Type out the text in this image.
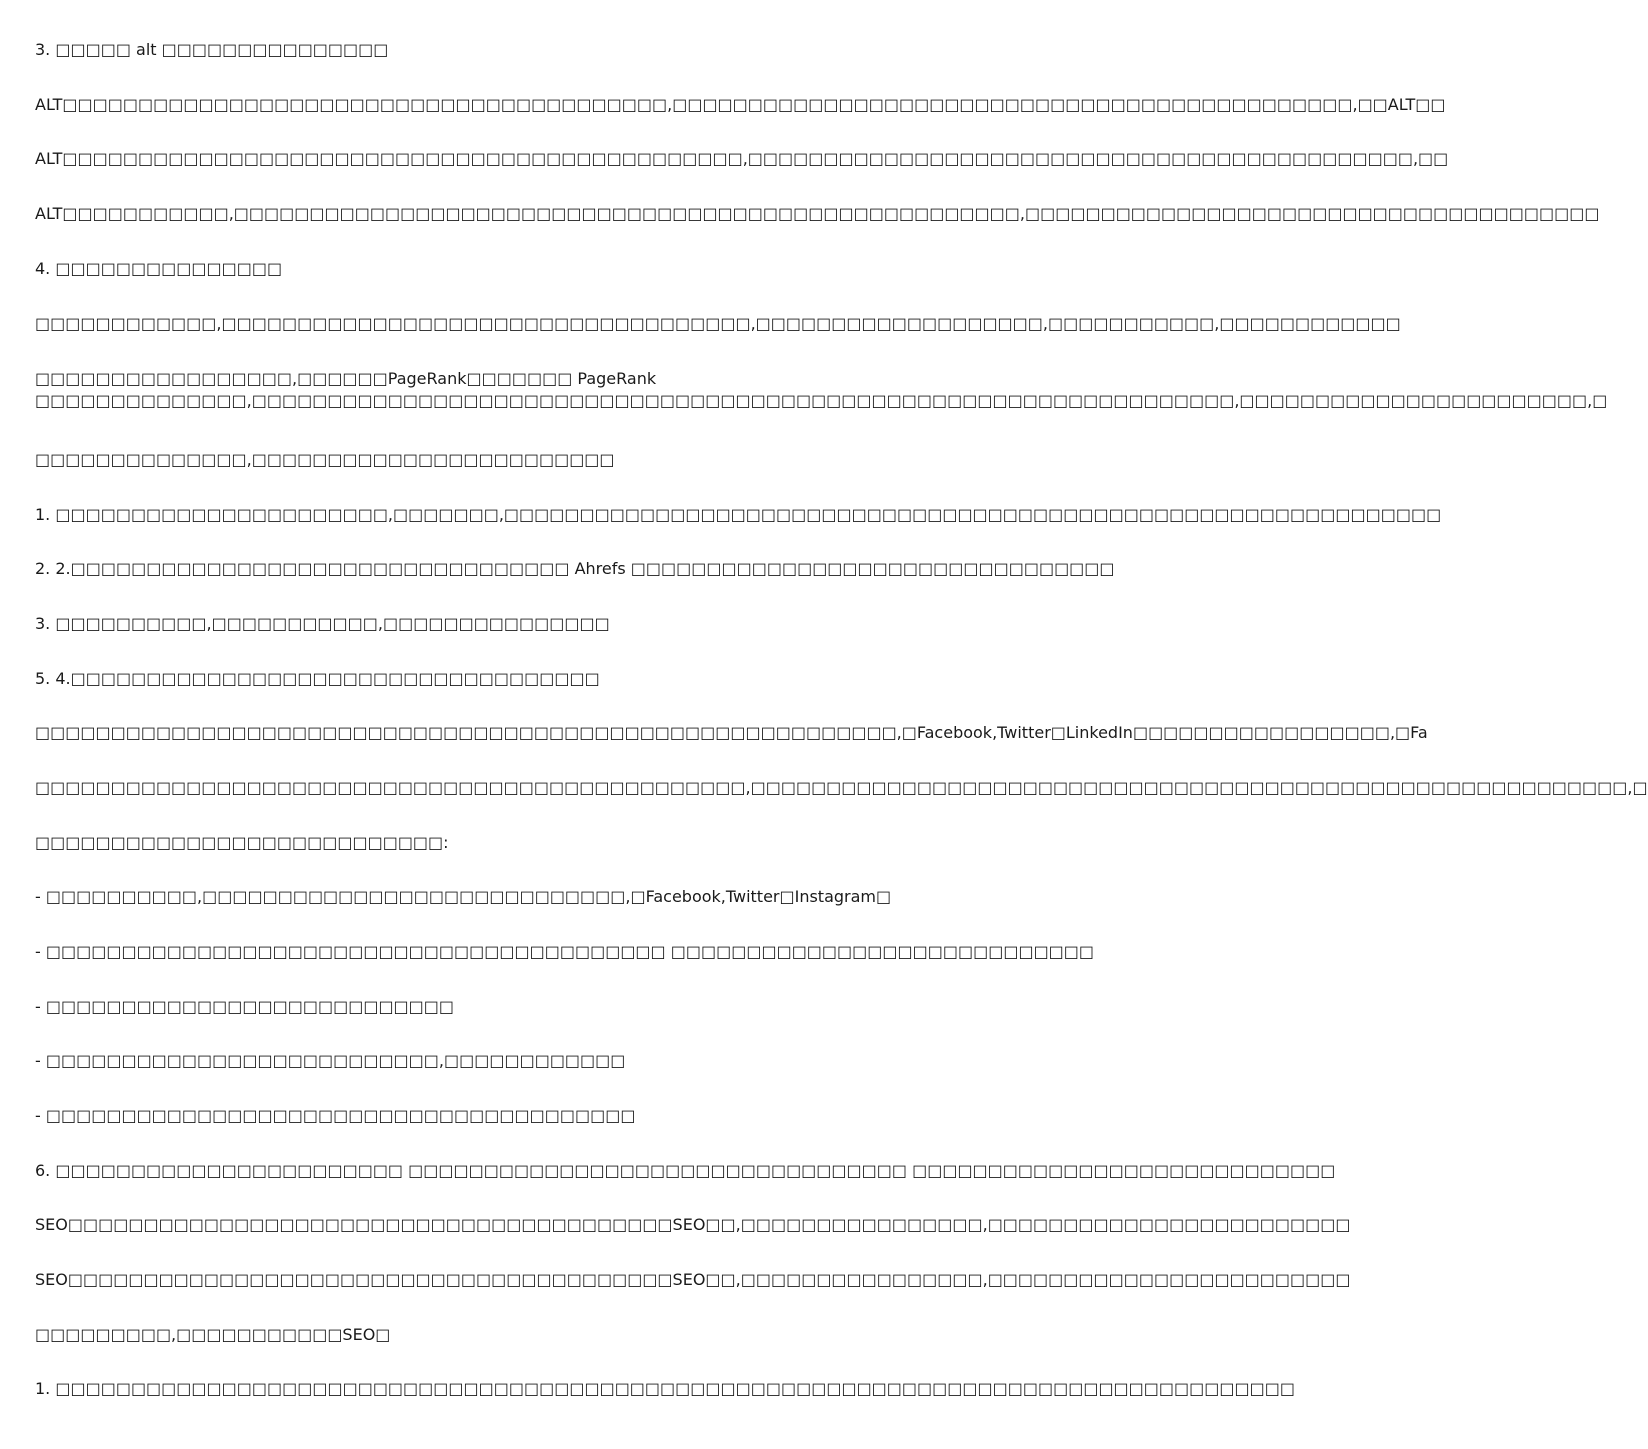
3. □□□□□ alt □□□□□□□□□□□□□□□
ALT□□□□□□□□□□□□□□□□□□□□□□□□□□□□□□□□□□□□□□□□,□□□□□□□□□□□□□□□□□□□□□□□□□□□□□□□□□□□□□□□□□□□□□,□□ALT□□
ALT□□□□□□□□□□□□□□□□□□□□□□□□□□□□□□□□□□□□□□□□□□□□□,□□□□□□□□□□□□□□□□□□□□□□□□□□□□□□□□□□□□□□□□□□□□,□□
ALT□□□□□□□□□□□,□□□□□□□□□□□□□□□□□□□□□□□□□□□□□□□□□□□□□□□□□□□□□□□□□□□□,□□□□□□□□□□□□□□□□□□□□□□□□□□□□□□□□□□□□□□
4. □□□□□□□□□□□□□□□
□□□□□□□□□□□□,□□□□□□□□□□□□□□□□□□□□□□□□□□□□□□□□□□□,□□□□□□□□□□□□□□□□□□□,□□□□□□□□□□□,□□□□□□□□□□□□
□□□□□□□□□□□□□□□□□,□□□□□□PageRank□□□□□□□ PageRank □□□□□□□□□□□□□□,□□□□□□□□□□□□□□□□□□□□□□□□□□□□□□□□□□□□□□□□□□□□□□□□□□□□□□□□□□□□□□□□□,□□□□□□□□□□□□□□□□□□□□□□□,□
□□□□□□□□□□□□□□,□□□□□□□□□□□□□□□□□□□□□□□□
1. □□□□□□□□□□□□□□□□□□□□□□,□□□□□□□,□□□□□□□□□□□□□□□□□□□□□□□□□□□□□□□□□□□□□□□□□□□□□□□□□□□□□□□□□□□□□□
2. 2.□□□□□□□□□□□□□□□□□□□□□□□□□□□□□□□□□ Ahrefs □□□□□□□□□□□□□□□□□□□□□□□□□□□□□□□□
3. □□□□□□□□□□,□□□□□□□□□□□,□□□□□□□□□□□□□□□
5. 4.□□□□□□□□□□□□□□□□□□□□□□□□□□□□□□□□□□□
□□□□□□□□□□□□□□□□□□□□□□□□□□□□□□□□□□□□□□□□□□□□□□□□□□□□□□□□□,□Facebook,Twitter□LinkedIn□□□□□□□□□□□□□□□□□,□Fa
□□□□□□□□□□□□□□□□□□□□□□□□□□□□□□□□□□□□□□□□□□□□□□□,□□□□□□□□□□□□□□□□□□□□□□□□□□□□□□□□□□□□□□□□□□□□□□□□□□□□□□□□□□,□
□□□□□□□□□□□□□□□□□□□□□□□□□□□:
- □□□□□□□□□□,□□□□□□□□□□□□□□□□□□□□□□□□□□□□,□Facebook,Twitter□Instagram□
- □□□□□□□□□□□□□□□□□□□□□□□□□□□□□□□□□□□□□□□□□ □□□□□□□□□□□□□□□□□□□□□□□□□□□□
- □□□□□□□□□□□□□□□□□□□□□□□□□□□
- □□□□□□□□□□□□□□□□□□□□□□□□□□,□□□□□□□□□□□□
- □□□□□□□□□□□□□□□□□□□□□□□□□□□□□□□□□□□□□□□
6. □□□□□□□□□□□□□□□□□□□□□□□ □□□□□□□□□□□□□□□□□□□□□□□□□□□□□□□□□ □□□□□□□□□□□□□□□□□□□□□□□□□□□□
SEO□□□□□□□□□□□□□□□□□□□□□□□□□□□□□□□□□□□□□□□□SEO□□,□□□□□□□□□□□□□□□□,□□□□□□□□□□□□□□□□□□□□□□□□
SEO□□□□□□□□□□□□□□□□□□□□□□□□□□□□□□□□□□□□□□□□SEO□□,□□□□□□□□□□□□□□□□,□□□□□□□□□□□□□□□□□□□□□□□□
□□□□□□□□□,□□□□□□□□□□□SEO□
1. □□□□□□□□□□□□□□□□□□□□□□□□□□□□□□□□□□□□□□□□□□□□□□□□□□□□□□□□□□□□□□□□□□□□□□□□□□□□□□□□□□
